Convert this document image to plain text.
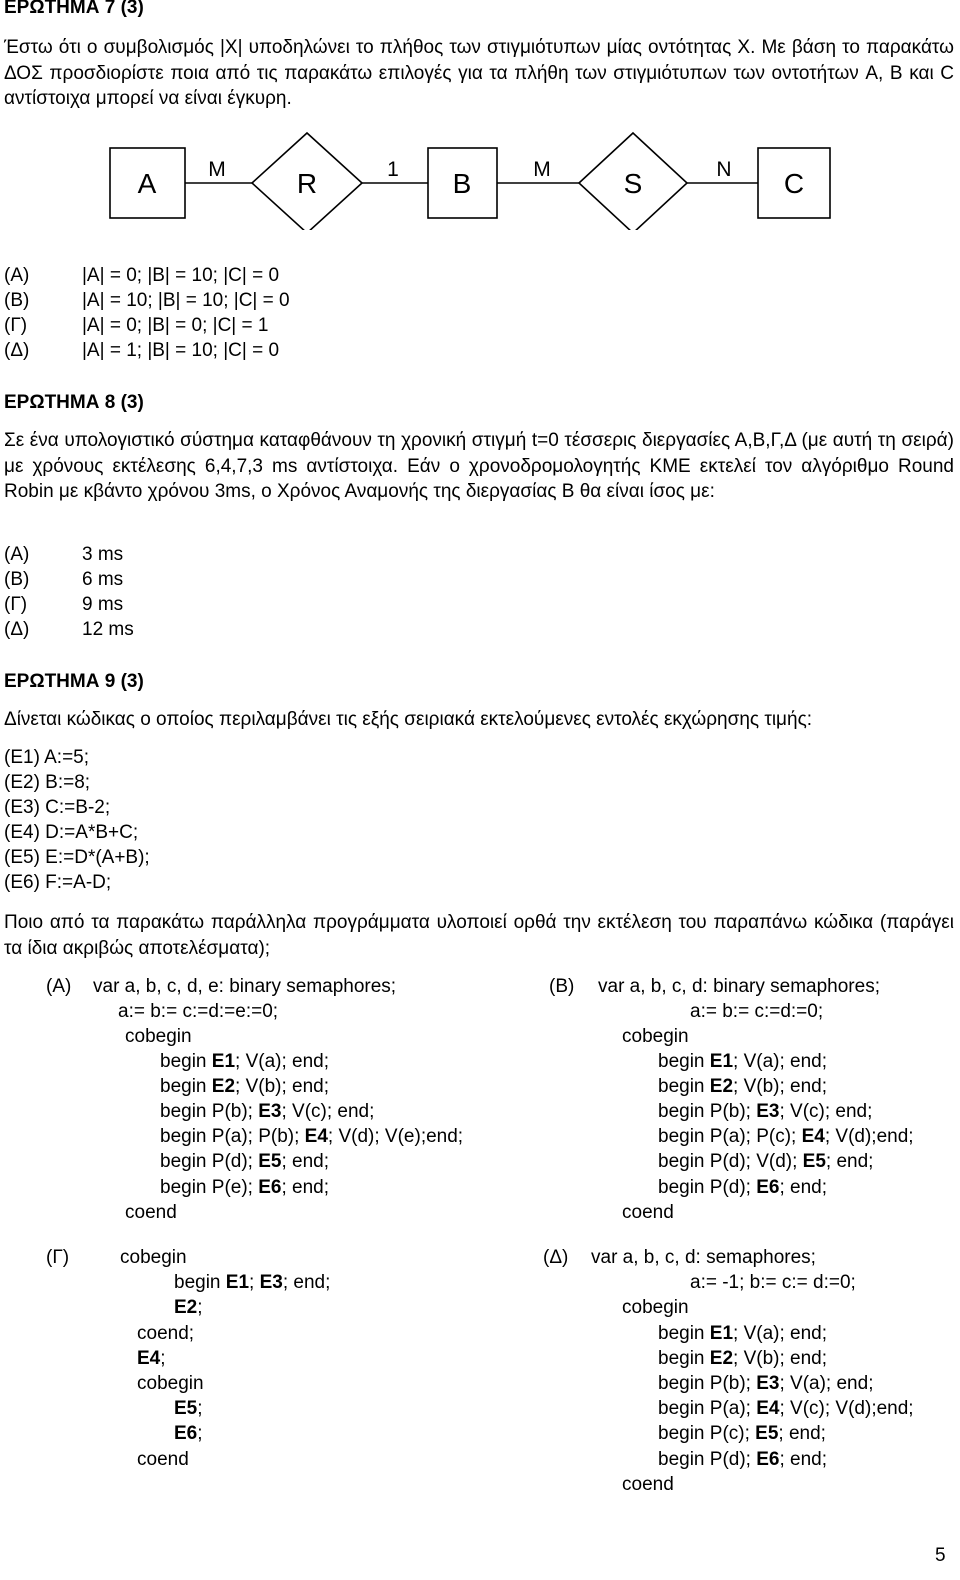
ΕΡΩΤΗΜΑ 7 (3)
Έστω ότι ο συμβολισμός |X| υποδηλώνει το πλήθος των στιγμιότυπων μίας οντότητας X. Με βάση το παρακάτω ΔΟΣ προσδιορίστε ποια από τις παρακάτω επιλογές για τα πλήθη των στιγμιότυπων των οντοτήτων A, B και C αντίστοιχα μπορεί να είναι έγκυρη.
A	R	B	S	C
M	1	M	N
(A)	|A| = 0; |B| = 10; |C| = 0
(B)	|A| = 10; |B| = 10; |C| = 0
(Γ)	|A| = 0; |B| = 0; |C| = 1
(Δ)	|A| = 1; |B| = 10; |C| = 0
ΕΡΩΤΗΜΑ 8 (3)
Σε ένα υπολογιστικό σύστημα καταφθάνουν τη χρονική στιγμή t=0 τέσσερις διεργασίες Α,Β,Γ,Δ (με αυτή τη σειρά) με χρόνους εκτέλεσης 6,4,7,3 ms αντίστοιχα. Εάν ο χρονοδρομολογητής ΚΜΕ εκτελεί τον αλγόριθμο Round Robin με κβάντο χρόνου 3ms, ο Χρόνος Αναμονής της διεργασίας Β θα είναι ίσος με:
(A)	3 ms
(B)	6 ms
(Γ)	9 ms
(Δ)	12 ms
ΕΡΩΤΗΜΑ 9 (3)
Δίνεται κώδικας ο οποίος περιλαμβάνει τις εξής σειριακά εκτελούμενες εντολές εκχώρησης τιμής:
(E1) A:=5;
(E2) B:=8;
(E3) C:=B-2;
(E4) D:=A*B+C;
(E5) E:=D*(A+B);
(E6) F:=A-D;
Ποιο από τα παρακάτω παράλληλα προγράμματα υλοποιεί ορθά την εκτέλεση του παραπάνω κώδικα (παράγει τα ίδια ακριβώς αποτελέσματα);
(A) var a, b, c, d, e: binary semaphores;
a:= b:= c:=d:=e:=0;
cobegin
begin E1; V(a); end;
begin E2; V(b); end;
begin P(b); E3; V(c); end;
begin P(a); P(b); E4; V(d); V(e);end;
begin P(d); E5; end;
begin P(e); E6; end;
coend
(B) var a, b, c, d: binary semaphores;
a:= b:= c:=d:=0;
cobegin
begin E1; V(a); end;
begin E2; V(b); end;
begin P(b); E3; V(c); end;
begin P(a); P(c); E4; V(d);end;
begin P(d); V(d); E5; end;
begin P(d); E6; end;
coend
(Γ)	cobegin
begin E1; E3; end;
E2;
coend;
E4;
cobegin
E5;
E6;
coend
(Δ) var a, b, c, d: semaphores;
a:= -1; b:= c:= d:=0;
cobegin
begin E1; V(a); end;
begin E2; V(b); end;
begin P(b); E3; V(a); end;
begin P(a); E4; V(c); V(d);end;
begin P(c); E5; end;
begin P(d); E6; end;
coend
5
